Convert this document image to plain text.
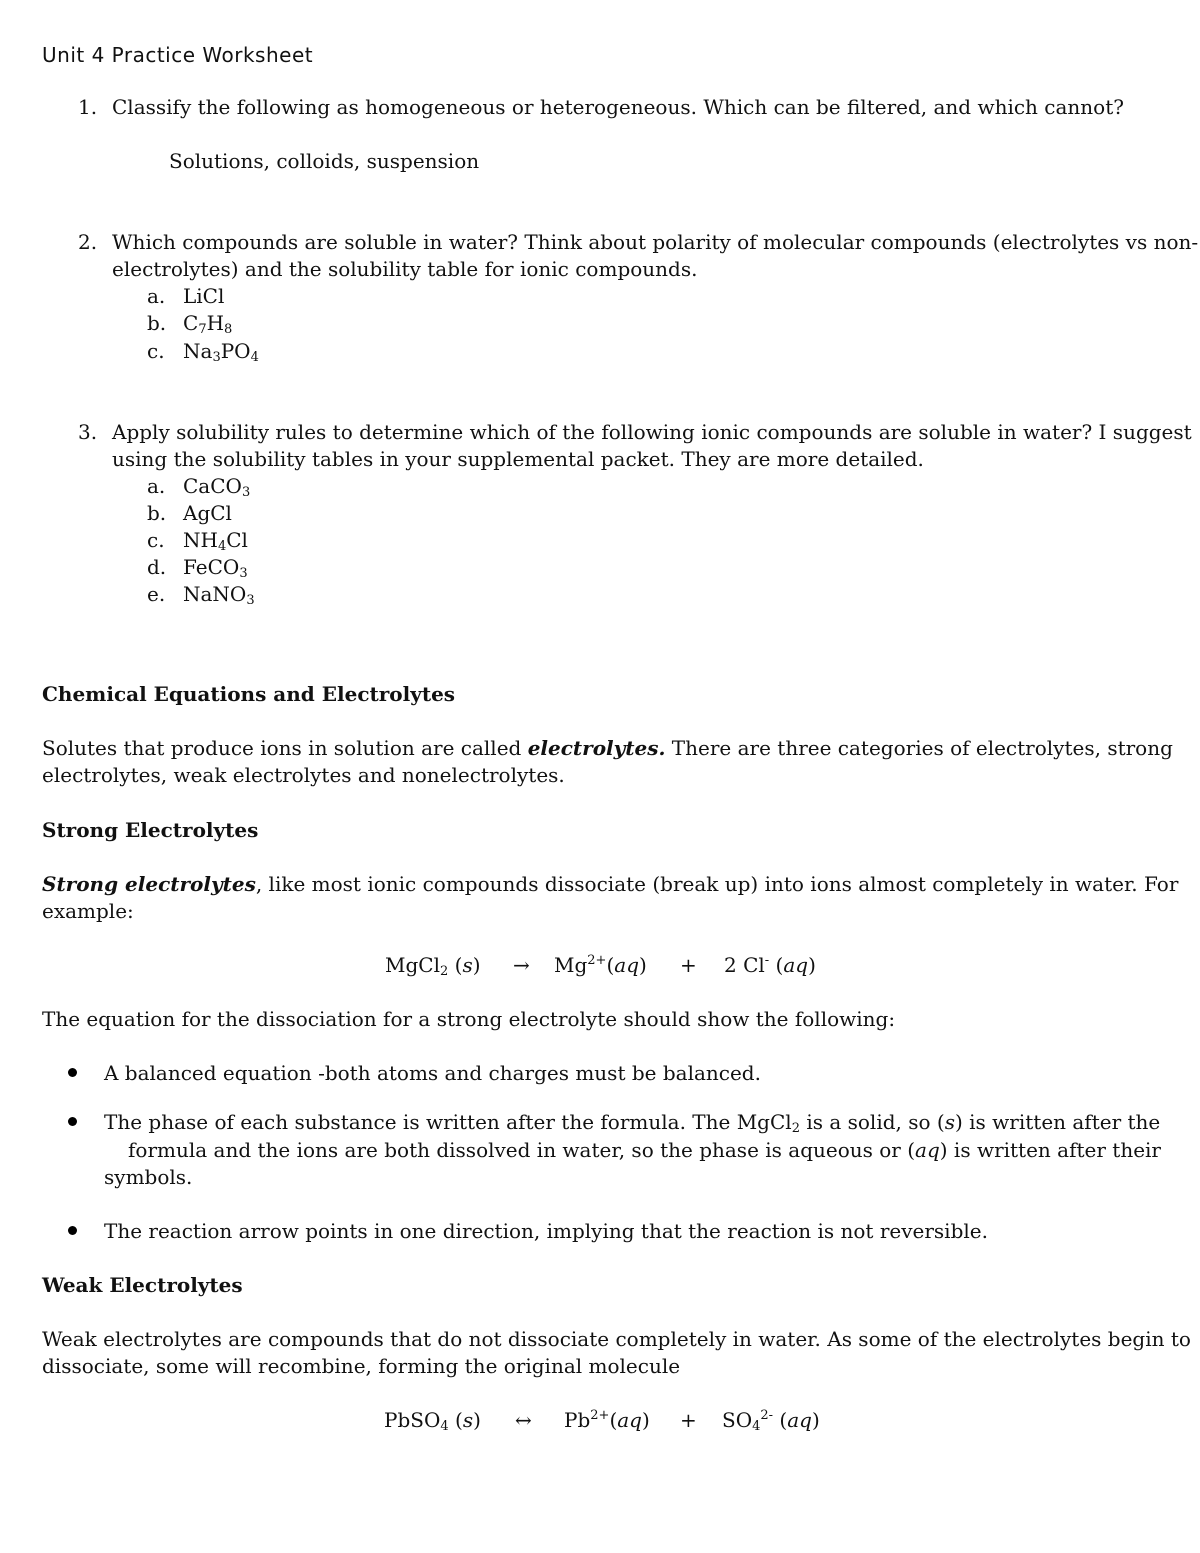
Unit 4 Practice Worksheet
1. Classify the following as homogeneous or heterogeneous. Which can be filtered, and which cannot?
Solutions, colloids, suspension
2. Which compounds are soluble in water? Think about polarity of molecular compounds (electrolytes vs non-
electrolytes) and the solubility table for ionic compounds.
a. LiCl
b. $C_7H_8$
c. $Na_3PO_4$
3. Apply solubility rules to determine which of the following ionic compounds are soluble in water? I suggest
using the solubility tables in your supplemental packet. They are more detailed.
a. CaCO$_3$
b. AgCl
c. $NH_4Cl$
d. FeCO$_3$
e. NaNO$_3$
Chemical Equations and Electrolytes
Solutes that produce ions in solution are called electrolytes. There are three categories of electrolytes, strong
electrolytes, weak electrolytes and nonelectrolytes.
Strong Electrolytes
Strong electrolytes, like most ionic compounds dissociate (break up) into ions almost completely in water. For
example:
MgCl$_2$ $(s) \to Mg^{2+}(aq) + 2$ Cl- (aq)
The equation for the dissociation for a strong electrolyte should show the following:
A balanced equation -both atoms and charges must be balanced.
The phase of each substance is written after the formula. The MgCl$_2$ is a solid, so (s) is written after the
formula and the ions are both dissolved in water, so the phase is aqueous or (aq) is written after their
symbols.
The reaction arrow points in one direction, implying that the reaction is not reversible.
Weak Electrolytes
Weak electrolytes are compounds that do not dissociate completely in water. As some of the electrolytes begin to
dissociate, some will recombine, forming the original molecule
PbSO$_4$ (s) ↔ $Pb^{2+}(aq) + SO_4^{2-}$ (aq)
